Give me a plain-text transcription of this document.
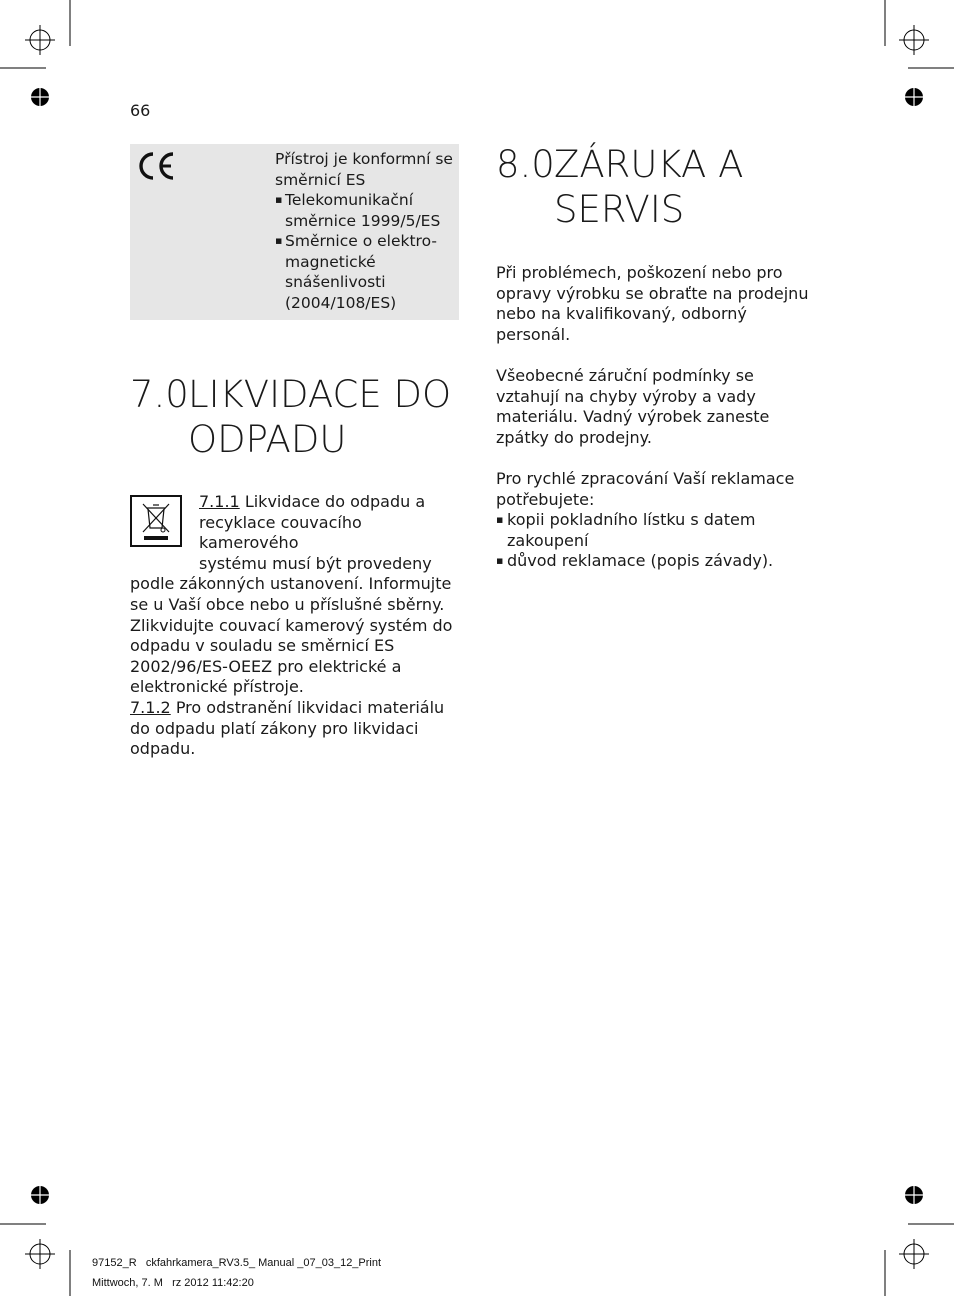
66
Přístroj je konformní se směrnicí ES
▪ Telekomunikační směrnice 1999/5/ES
▪ Směrnice o elektro-magnetické snášenlivosti (2004/108/ES)
7.0LIKVIDACE DO
ODPADU
7.1.1 Likvidace do odpadu a
recyklace couvacího kamerového
systému musí být provedeny
podle zákonných ustanovení. Informujte se u Vaší obce nebo u příslušné sběrny. Zlikvidujte couvací kamerový systém do odpadu v souladu se směrnicí ES 2002/96/ES-OEEZ pro elektrické a elektronické přístroje.
7.1.2 Pro odstranění likvidaci materiálu do odpadu platí zákony pro likvidaci odpadu.
8.0ZÁRUKA A
SERVIS

Při problémech, poškození nebo pro opravy výrobku se obraťte na prodejnu nebo na kvalifikovaný, odborný personál.

Všeobecné záruční podmínky se vztahují na chyby výroby a vady materiálu. Vadný výrobek zaneste zpátky do prodejny.

Pro rychlé zpracování Vaší reklamace potřebujete:
▪ kopii pokladního lístku s datem zakoupení
▪ důvod reklamace (popis závady).
97152_R   ckfahrkamera_RV3.5_ Manual _07_03_12_Print
Mittwoch, 7. M   rz 2012 11:42:20
